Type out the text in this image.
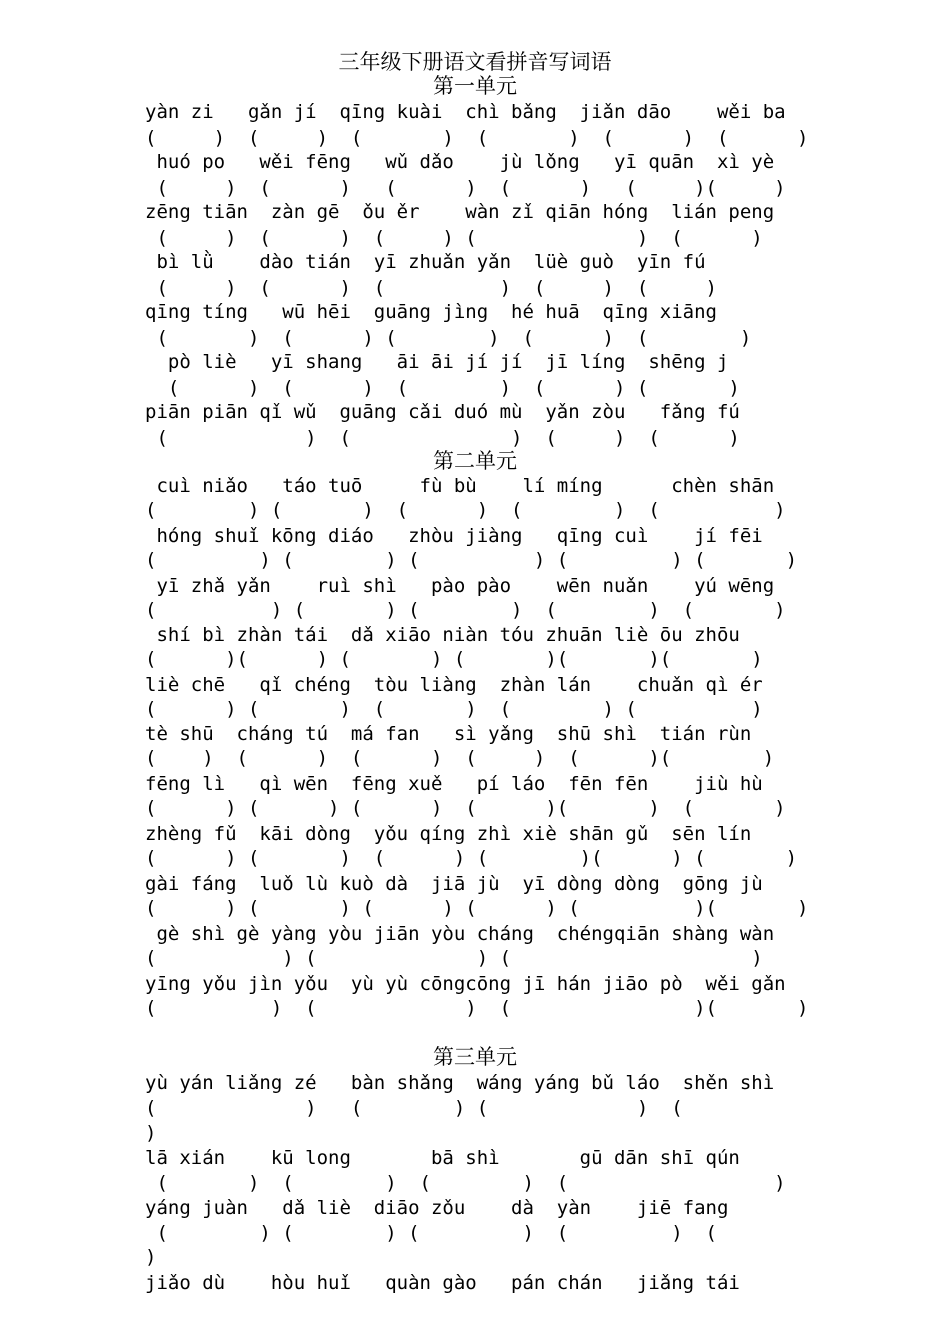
三年级下册语文看拼音写词语
第一单元
yàn zi   gǎn jí  qīng kuài  chì bǎng  jiǎn dāo    wěi ba
(     )  (     )  (       )  (       )  (      )  (      )
huó po   wěi fēng   wǔ dǎo    jù lǒng   yī quān  xì yè
(     )  (      )   (      )  (      )   (     )(     )
zēng tiān  zàn gē  ǒu ěr    wàn zǐ qiān hóng  lián peng
(     )  (      )  (     ) (              )  (      )
bì lǜ    dào tián  yī zhuǎn yǎn  lüè guò  yīn fú
(     )  (      )  (          )  (     )  (     )
qīng tíng   wū hēi  guāng jìng  hé huā  qīng xiāng
(       )  (      ) (        )  (      )  (        )
pò liè   yī shang   āi āi jí jí  jī líng  shēng j
(      )  (      )  (        )  (      ) (       )
piān piān qǐ wǔ  guāng cǎi duó mù  yǎn zòu   fǎng fú
(            )  (              )  (     )  (      )
第二单元
cuì niǎo   táo tuō     fù bù    lí míng      chèn shān
(        ) (       )  (      )  (        )  (          )
hóng shuǐ kōng diáo   zhòu jiàng   qīng cuì    jí fēi
(         ) (        ) (          ) (         ) (       )
yī zhǎ yǎn    ruì shì   pào pào    wēn nuǎn    yú wēng
(          ) (       ) (        )  (        )  (       )
shí bì zhàn tái  dǎ xiāo niàn tóu zhuān liè ōu zhōu
(      )(      ) (       ) (       )(       )(       )
liè chē   qǐ chéng  tòu liàng  zhàn lán    chuǎn qì ér
(      ) (       )  (       )  (        ) (          )
tè shū  cháng tú  má fan   sì yǎng  shū shì  tián rùn
(    )  (      )  (      )  (     )  (      )(        )
fēng lì   qì wēn  fēng xuě   pí láo  fēn fēn    jiù hù
(      ) (      ) (      )  (      )(       )  (       )
zhèng fǔ  kāi dòng  yǒu qíng zhì xiè shān gǔ  sēn lín
(      ) (       )  (      ) (        )(      ) (       )
gài fáng  luǒ lù kuò dà  jiā jù  yī dòng dòng  gōng jù
(      ) (       ) (      ) (      ) (          )(       )
gè shì gè yàng yòu jiān yòu cháng  chéngqiān shàng wàn
(           ) (              ) (                     )
yīng yǒu jìn yǒu  yù yù cōngcōng jī hán jiāo pò  wěi gǎn
(          )  (             )  (                )(       )
第三单元
yù yán liǎng zé   bàn shǎng  wáng yáng bǔ láo  shěn shì
(             )   (        ) (             )  (
)
lā xián    kū long       bā shì       gū dān shī qún
(       )  (        )  (        )  (                  )
yáng juàn   dǎ liè  diāo zǒu    dà  yàn    jiē fang
(        ) (        ) (         )  (         )  (
)
jiǎo dù    hòu huǐ   quàn gào   pán chán   jiǎng tái
